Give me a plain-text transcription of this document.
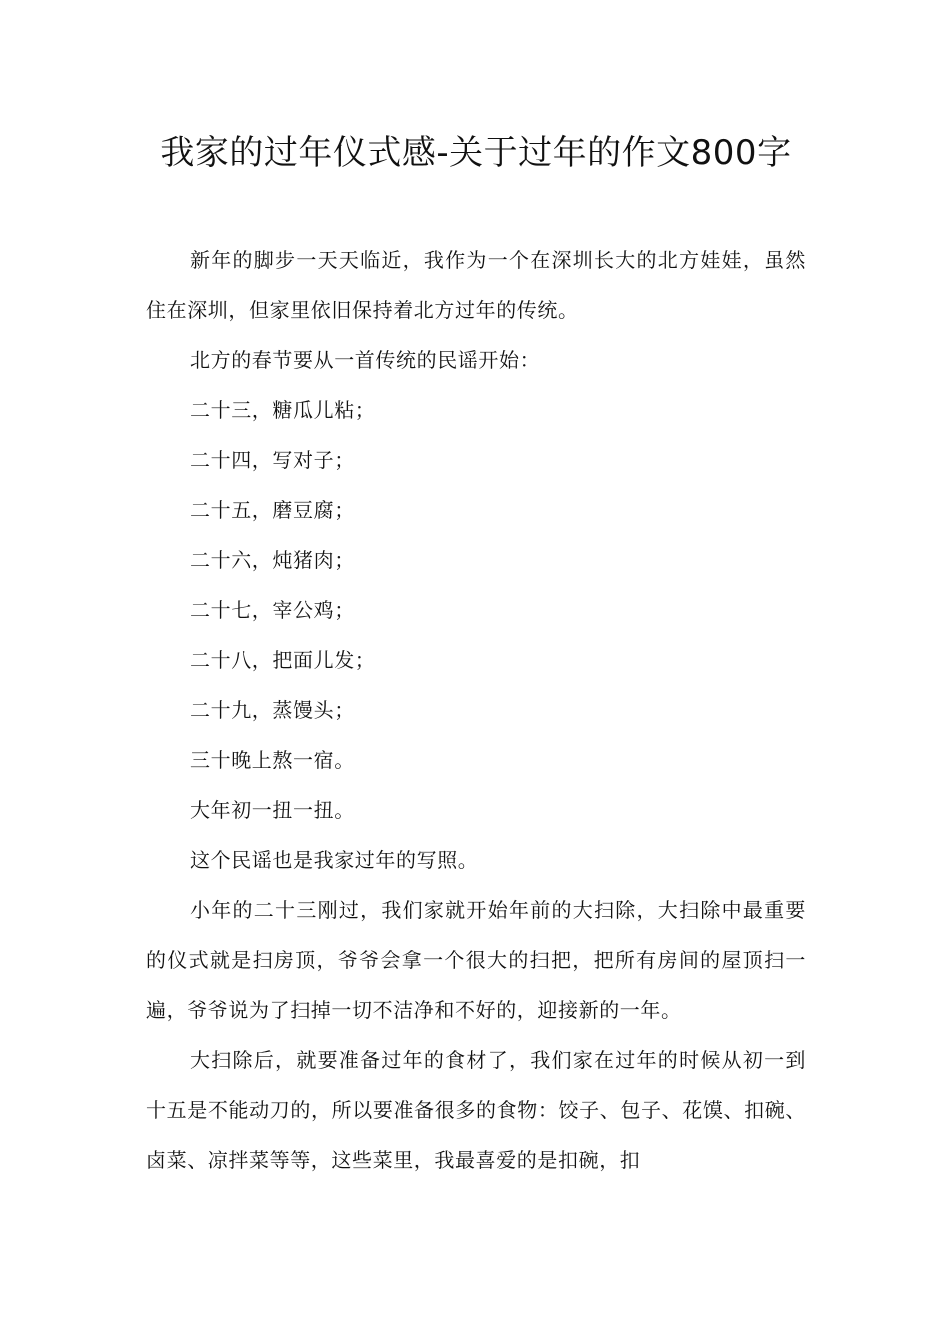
我家的过年仪式感-关于过年的作文800字

新年的脚步一天天临近，我作为一个在深圳长大的北方娃娃，虽然住在深圳，但家里依旧保持着北方过年的传统。

北方的春节要从一首传统的民谣开始：

二十三，糖瓜儿粘；

二十四，写对子；

二十五，磨豆腐；

二十六，炖猪肉；

二十七，宰公鸡；

二十八，把面儿发；

二十九，蒸馒头；

三十晚上熬一宿。

大年初一扭一扭。

这个民谣也是我家过年的写照。

小年的二十三刚过，我们家就开始年前的大扫除，大扫除中最重要的仪式就是扫房顶，爷爷会拿一个很大的扫把，把所有房间的屋顶扫一遍，爷爷说为了扫掉一切不洁净和不好的，迎接新的一年。

大扫除后，就要准备过年的食材了，我们家在过年的时候从初一到十五是不能动刀的，所以要准备很多的食物：饺子、包子、花馍、扣碗、卤菜、凉拌菜等等，这些菜里，我最喜爱的是扣碗，扣
